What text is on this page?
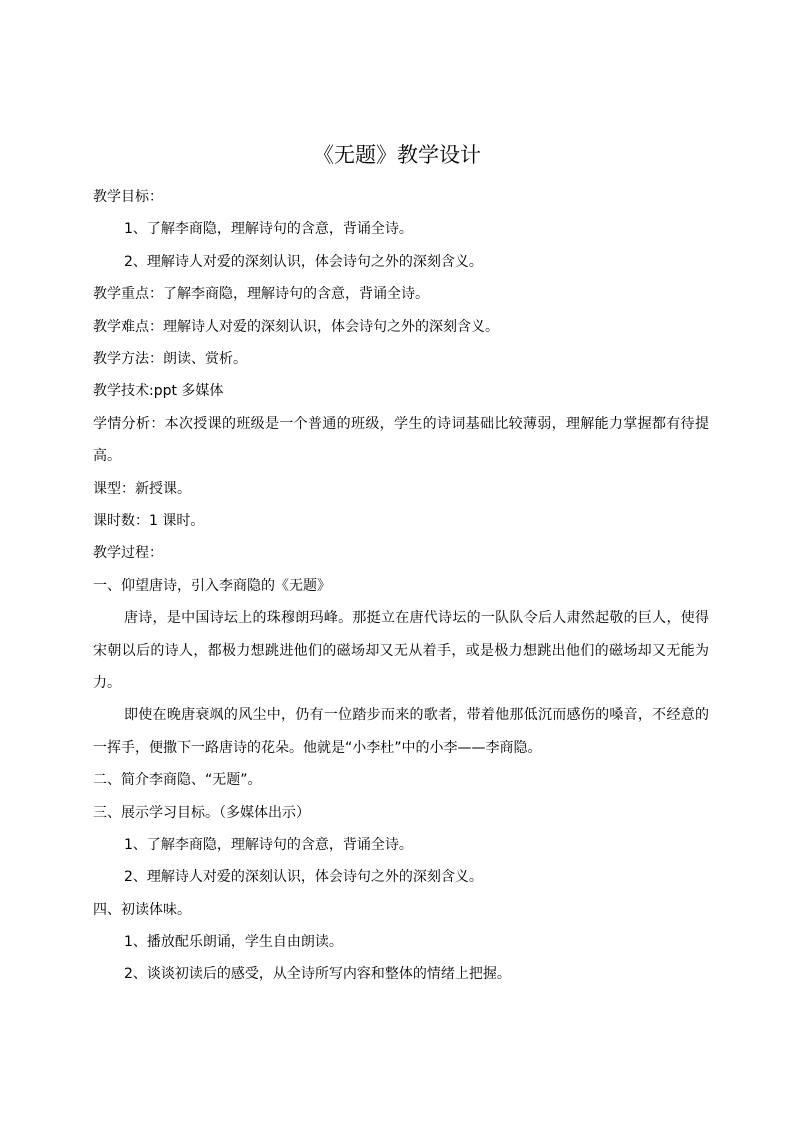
《无题》教学设计
教学目标：
1、了解李商隐，理解诗句的含意，背诵全诗。
2、理解诗人对爱的深刻认识，体会诗句之外的深刻含义。
教学重点：了解李商隐，理解诗句的含意，背诵全诗。
教学难点：理解诗人对爱的深刻认识，体会诗句之外的深刻含义。
教学方法：朗读、赏析。
教学技术:ppt 多媒体
学情分析：本次授课的班级是一个普通的班级，学生的诗词基础比较薄弱，理解能力掌握都有待提高。
课型：新授课。
课时数：1 课时。
教学过程：
一、仰望唐诗，引入李商隐的《无题》
唐诗，是中国诗坛上的珠穆朗玛峰。那挺立在唐代诗坛的一队队令后人肃然起敬的巨人，使得宋朝以后的诗人，都极力想跳进他们的磁场却又无从着手，或是极力想跳出他们的磁场却又无能为力。
即使在晚唐衰飒的风尘中，仍有一位踏步而来的歌者，带着他那低沉而感伤的嗓音，不经意的一挥手，便撒下一路唐诗的花朵。他就是“小李杜”中的小李——李商隐。
二、简介李商隐、“无题”。
三、展示学习目标。（多媒体出示）
1、了解李商隐，理解诗句的含意，背诵全诗。
2、理解诗人对爱的深刻认识，体会诗句之外的深刻含义。
四、初读体味。
1、播放配乐朗诵，学生自由朗读。
2、谈谈初读后的感受，从全诗所写内容和整体的情绪上把握。
